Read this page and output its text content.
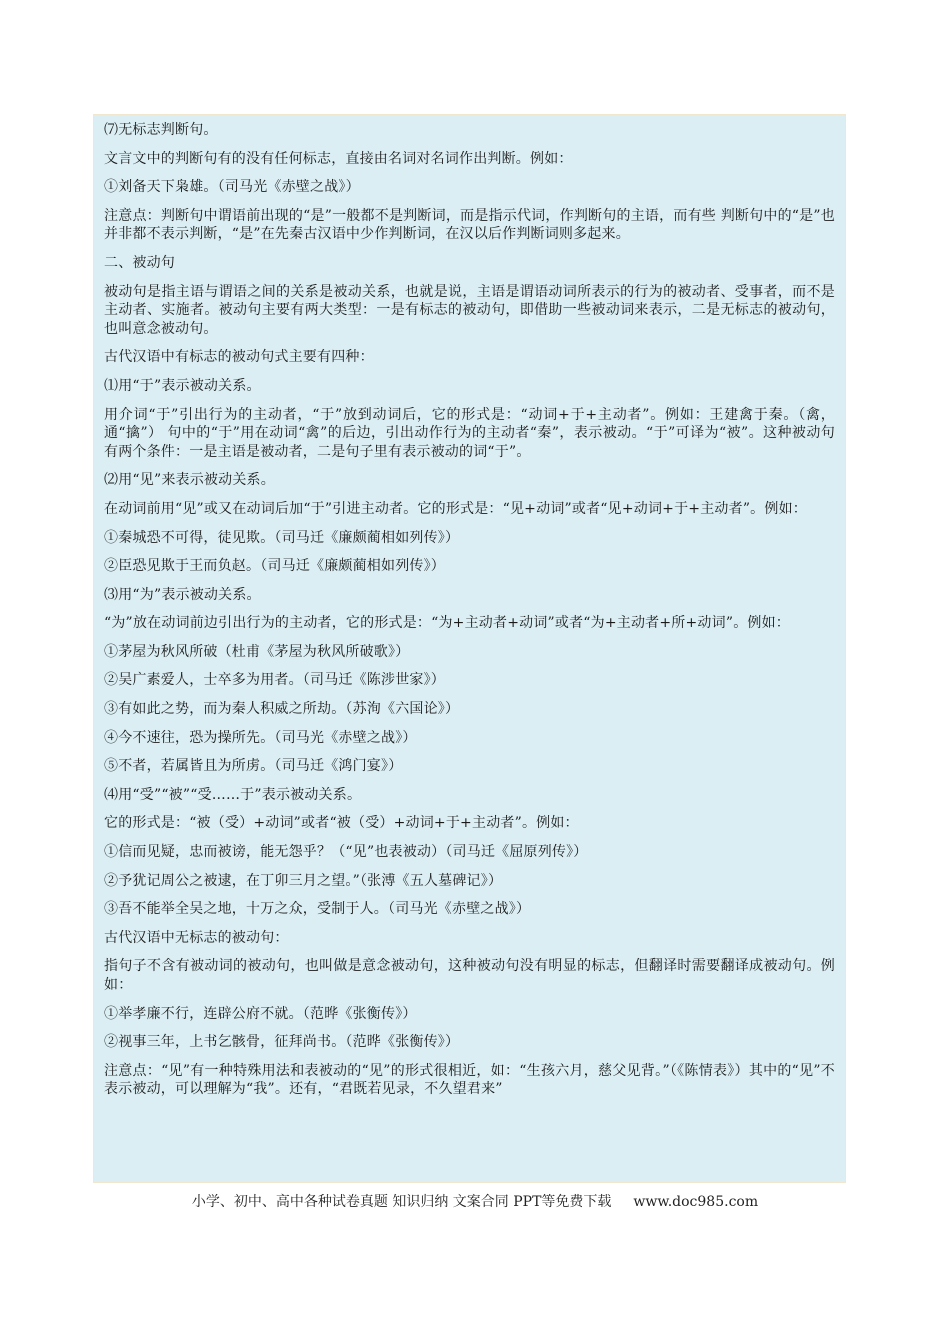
⑺无标志判断句。

文言文中的判断句有的没有任何标志，直接由名词对名词作出判断。例如：

①刘备天下枭雄。（司马光《赤壁之战》）

注意点：判断句中谓语前出现的“是”一般都不是判断词，而是指示代词，作判断句的主语，而有些 判断句中的“是”也并非都不表示判断，“是”在先秦古汉语中少作判断词，在汉以后作判断词则多起来。

二、被动句

被动句是指主语与谓语之间的关系是被动关系，也就是说，主语是谓语动词所表示的行为的被动者、受事者，而不是主动者、实施者。被动句主要有两大类型：一是有标志的被动句，即借助一些被动词来表示，二是无标志的被动句，也叫意念被动句。

古代汉语中有标志的被动句式主要有四种：

⑴用“于”表示被动关系。

用介词“于”引出行为的主动者，“于”放到动词后，它的形式是：“动词+于+主动者”。例如：王建禽于秦。（禽，通“擒”） 句中的“于”用在动词“禽”的后边，引出动作行为的主动者“秦”，表示被动。“于”可译为“被”。这种被动句有两个条件：一是主语是被动者，二是句子里有表示被动的词“于”。

⑵用“见”来表示被动关系。

在动词前用“见”或又在动词后加“于”引进主动者。它的形式是：“见+动词”或者“见+动词+于+主动者”。例如：

①秦城恐不可得，徒见欺。（司马迁《廉颇蔺相如列传》）

②臣恐见欺于王而负赵。（司马迁《廉颇蔺相如列传》）

⑶用“为”表示被动关系。

“为”放在动词前边引出行为的主动者，它的形式是：“为+主动者+动词”或者“为+主动者+所+动词”。例如：

①茅屋为秋风所破（杜甫《茅屋为秋风所破歌》）

②吴广素爱人，士卒多为用者。（司马迁《陈涉世家》）

③有如此之势，而为秦人积威之所劫。（苏洵《六国论》）

④今不速往，恐为操所先。（司马光《赤壁之战》）

⑤不者，若属皆且为所虏。（司马迁《鸿门宴》）

⑷用“受”“被”“受……于”表示被动关系。

它的形式是：“被（受）+动词”或者“被（受）+动词+于+主动者”。例如：

①信而见疑，忠而被谤，能无怨乎？（“见”也表被动）（司马迁《屈原列传》）

②予犹记周公之被逮，在丁卯三月之望。”（张溥《五人墓碑记》）

③吾不能举全吴之地，十万之众，受制于人。（司马光《赤壁之战》）

古代汉语中无标志的被动句：

指句子不含有被动词的被动句，也叫做是意念被动句，这种被动句没有明显的标志，但翻译时需要翻译成被动句。例如：

①举孝廉不行，连辟公府不就。（范晔《张衡传》）

②视事三年，上书乞骸骨，征拜尚书。（范晔《张衡传》）

注意点：“见”有一种特殊用法和表被动的“见”的形式很相近，如：“生孩六月，慈父见背。”（《陈情表》）其中的“见”不表示被动，可以理解为“我”。还有，“君既若见录，不久望君来”

小学、初中、高中各种试卷真题 知识归纳 文案合同 PPT等免费下载 www.doc985.com
